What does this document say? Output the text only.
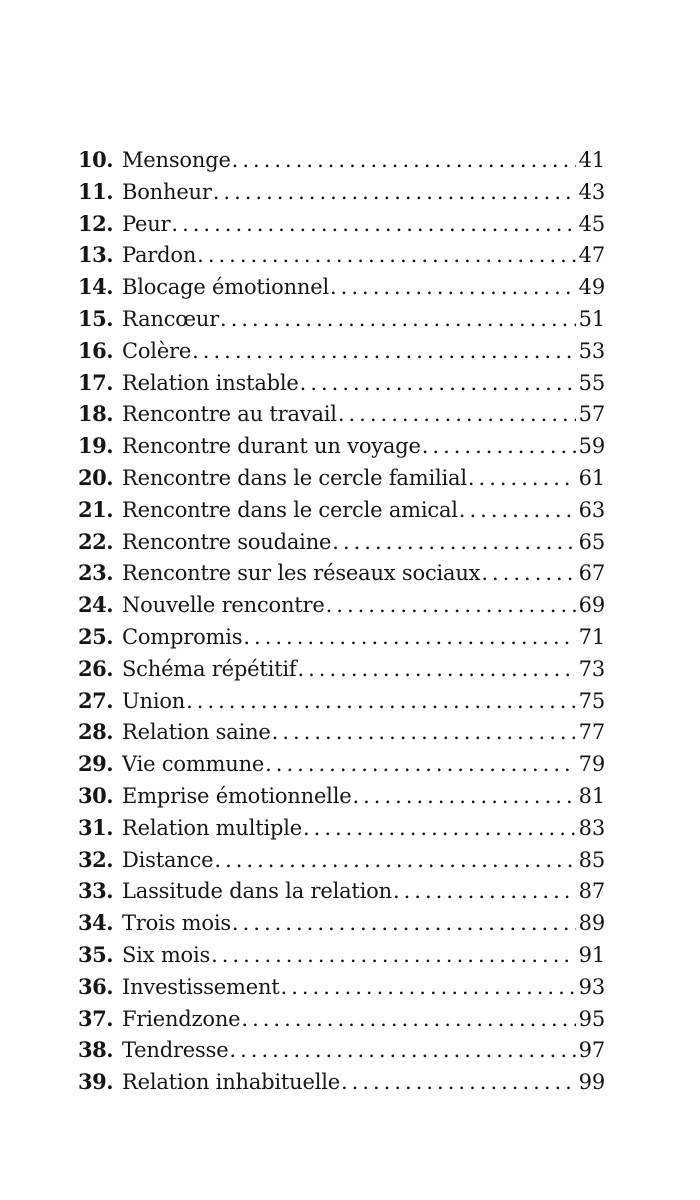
10. Mensonge .....	41
11. Bonheur .....	43
12. Peur .....	45
13. Pardon .....	47
14. Blocage émotionnel .....	49
15. Rancœur .....	51
16. Colère .....	53
17. Relation instable .....	55
18. Rencontre au travail .....	57
19. Rencontre durant un voyage .....	59
20. Rencontre dans le cercle familial .....	61
21. Rencontre dans le cercle amical .....	63
22. Rencontre soudaine .....	65
23. Rencontre sur les réseaux sociaux .....	67
24. Nouvelle rencontre .....	69
25. Compromis .....	71
26. Schéma répétitif .....	73
27. Union .....	75
28. Relation saine .....	77
29. Vie commune .....	79
30. Emprise émotionnelle .....	81
31. Relation multiple .....	83
32. Distance .....	85
33. Lassitude dans la relation .....	87
34. Trois mois .....	89
35. Six mois .....	91
36. Investissement .....	93
37. Friendzone .....	95
38. Tendresse .....	97
39. Relation inhabituelle .....	99
